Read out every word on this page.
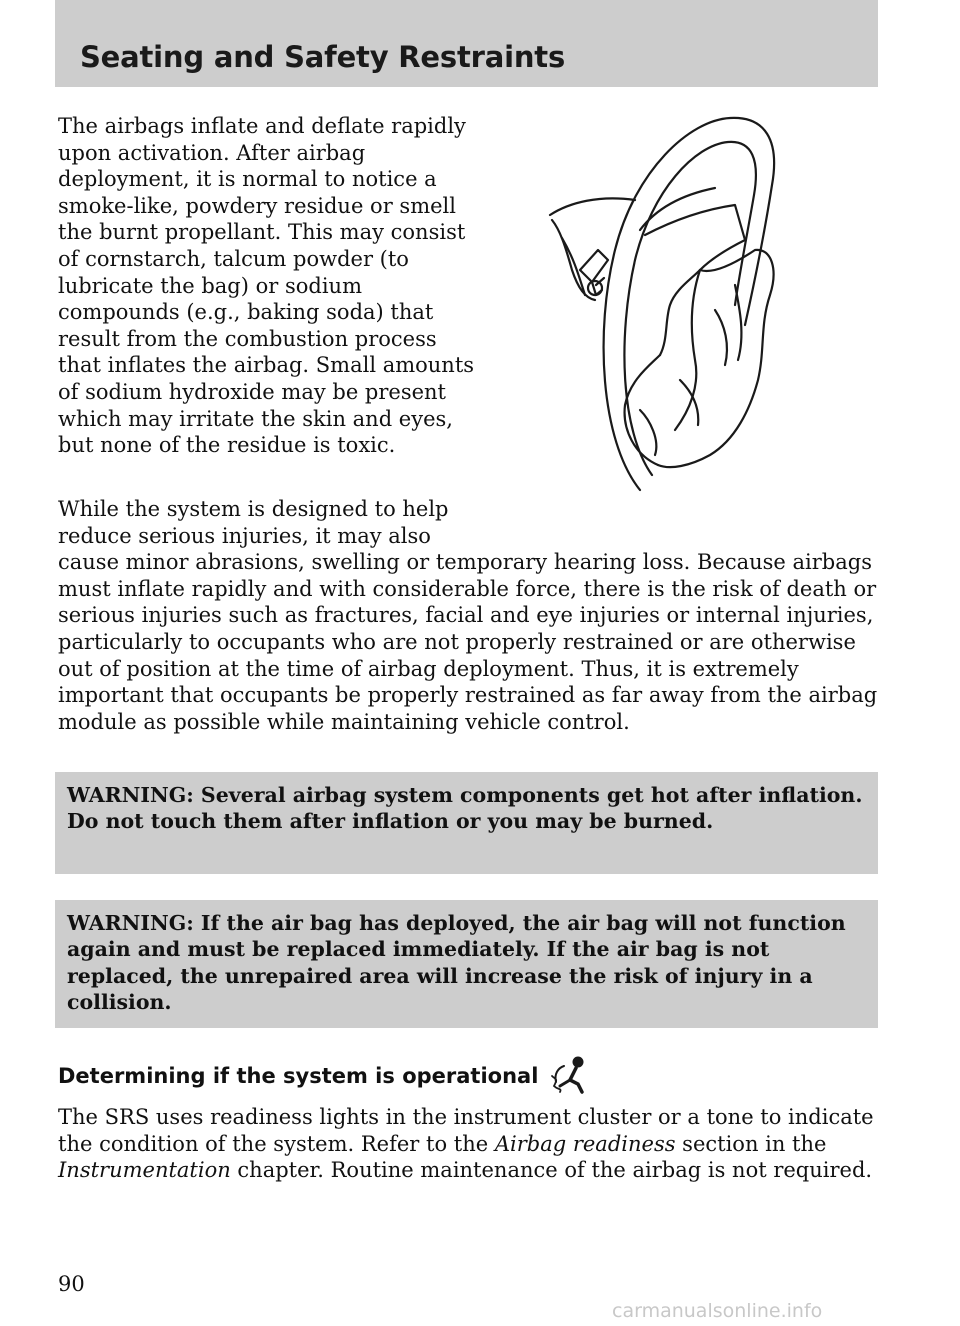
Seating and Safety Restraints
The airbags inflate and deflate rapidly upon activation. After airbag deployment, it is normal to notice a smoke-like, powdery residue or smell the burnt propellant. This may consist of cornstarch, talcum powder (to lubricate the bag) or sodium compounds (e.g., baking soda) that result from the combustion process that inflates the airbag. Small amounts of sodium hydroxide may be present which may irritate the skin and eyes, but none of the residue is toxic.
While the system is designed to help
reduce serious injuries, it may also
cause minor abrasions, swelling or temporary hearing loss. Because airbags must inflate rapidly and with considerable force, there is the risk of death or serious injuries such as fractures, facial and eye injuries or internal injuries, particularly to occupants who are not properly restrained or are otherwise out of position at the time of airbag deployment. Thus, it is extremely important that occupants be properly restrained as far away from the airbag module as possible while maintaining vehicle control.
WARNING: Several airbag system components get hot after inflation. Do not touch them after inflation or you may be burned.
WARNING: If the air bag has deployed, the air bag will not function again and must be replaced immediately. If the air bag is not replaced, the unrepaired area will increase the risk of injury in a collision.
Determining if the system is operational
The SRS uses readiness lights in the instrument cluster or a tone to indicate the condition of the system. Refer to the Airbag readiness section in the Instrumentation chapter. Routine maintenance of the airbag is not required.
90
carmanualsonline.info
